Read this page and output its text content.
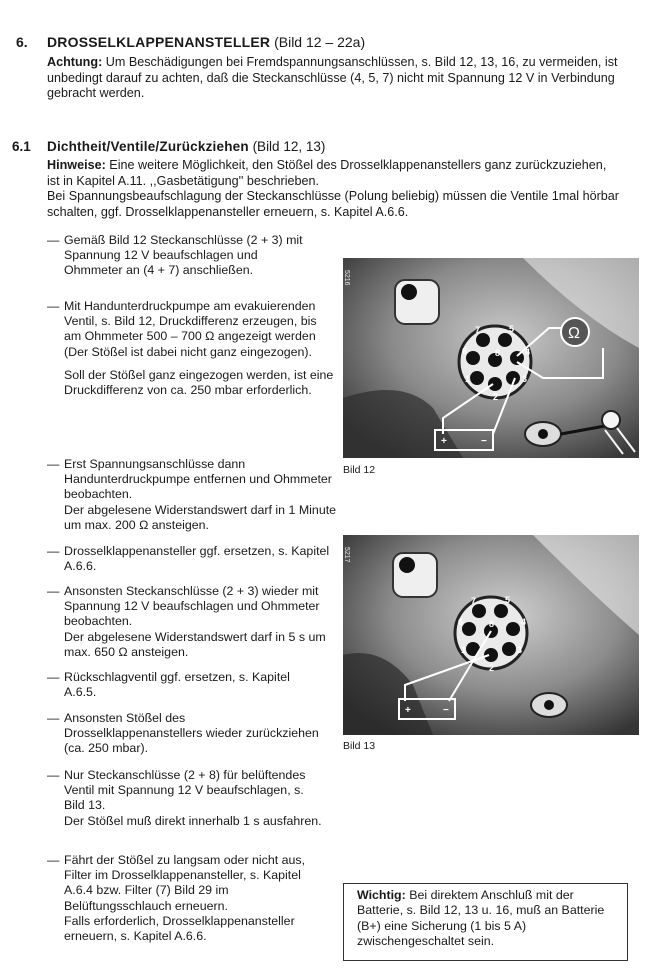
6. DROSSELKLAPPENANSTELLER (Bild 12 – 22a)
Achtung: Um Beschädigungen bei Fremdspannungsanschlüssen, s. Bild 12, 13, 16, zu vermeiden, ist unbedingt darauf zu achten, daß die Steckanschlüsse (4, 5, 7) nicht mit Spannung 12 V in Verbindung gebracht werden.
6.1 Dichtheit/Ventile/Zurückziehen (Bild 12, 13)
Hinweise: Eine weitere Möglichkeit, den Stößel des Drosselklappenanstellers ganz zurückzuziehen, ist in Kapitel A.11. ,,Gasbetätigung'' beschrieben.
Bei Spannungsbeaufschlagung der Steckanschlüsse (Polung beliebig) müssen die Ventile 1mal hörbar schalten, ggf. Drosselklappenansteller erneuern, s. Kapitel A.6.6.
— Gemäß Bild 12 Steckanschlüsse (2 + 3) mit Spannung 12 V beaufschlagen und Ohmmeter an (4 + 7) anschließen.
— Mit Handunterdruckpumpe am evakuierenden Ventil, s. Bild 12, Druckdifferenz erzeugen, bis am Ohmmeter 500 – 700 Ω angezeigt werden (Der Stößel ist dabei nicht ganz eingezogen).
Soll der Stößel ganz eingezogen werden, ist eine Druckdifferenz von ca. 250 mbar erforderlich.
— Erst Spannungsanschlüsse dann Handunterdruckpumpe entfernen und Ohmmeter beobachten.
Der abgelesene Widerstandswert darf in 1 Minute um max. 200 Ω ansteigen.
— Drosselklappenansteller ggf. ersetzen, s. Kapitel A.6.6.
— Ansonsten Steckanschlüsse (2 + 3) wieder mit Spannung 12 V beaufschlagen und Ohmmeter beobachten.
Der abgelesene Widerstandswert darf in 5 s um max. 650 Ω ansteigen.
— Rückschlagventil ggf. ersetzen, s. Kapitel A.6.5.
— Ansonsten Stößel des Drosselklappenanstellers wieder zurückziehen (ca. 250 mbar).
— Nur Steckanschlüsse (2 + 8) für belüftendes Ventil mit Spannung 12 V beaufschlagen, s. Bild 13.
Der Stößel muß direkt innerhalb 1 s ausfahren.
— Fährt der Stößel zu langsam oder nicht aus, Filter im Drosselklappenansteller, s. Kapitel A.6.4 bzw. Filter (7) Bild 29 im Belüftungsschlauch erneuern.
Falls erforderlich, Drosselklappenansteller erneuern, s. Kapitel A.6.6.
7	5
6	8	4
1
2
3
+	−
Ω
5216
Bild 12
7	5
6	8	4
1
2
3
+	−
5217
Bild 13
Wichtig: Bei direktem Anschluß mit der Batterie, s. Bild 12, 13 u. 16, muß an Batterie (B+) eine Sicherung (1 bis 5 A) zwischengeschaltet sein.
